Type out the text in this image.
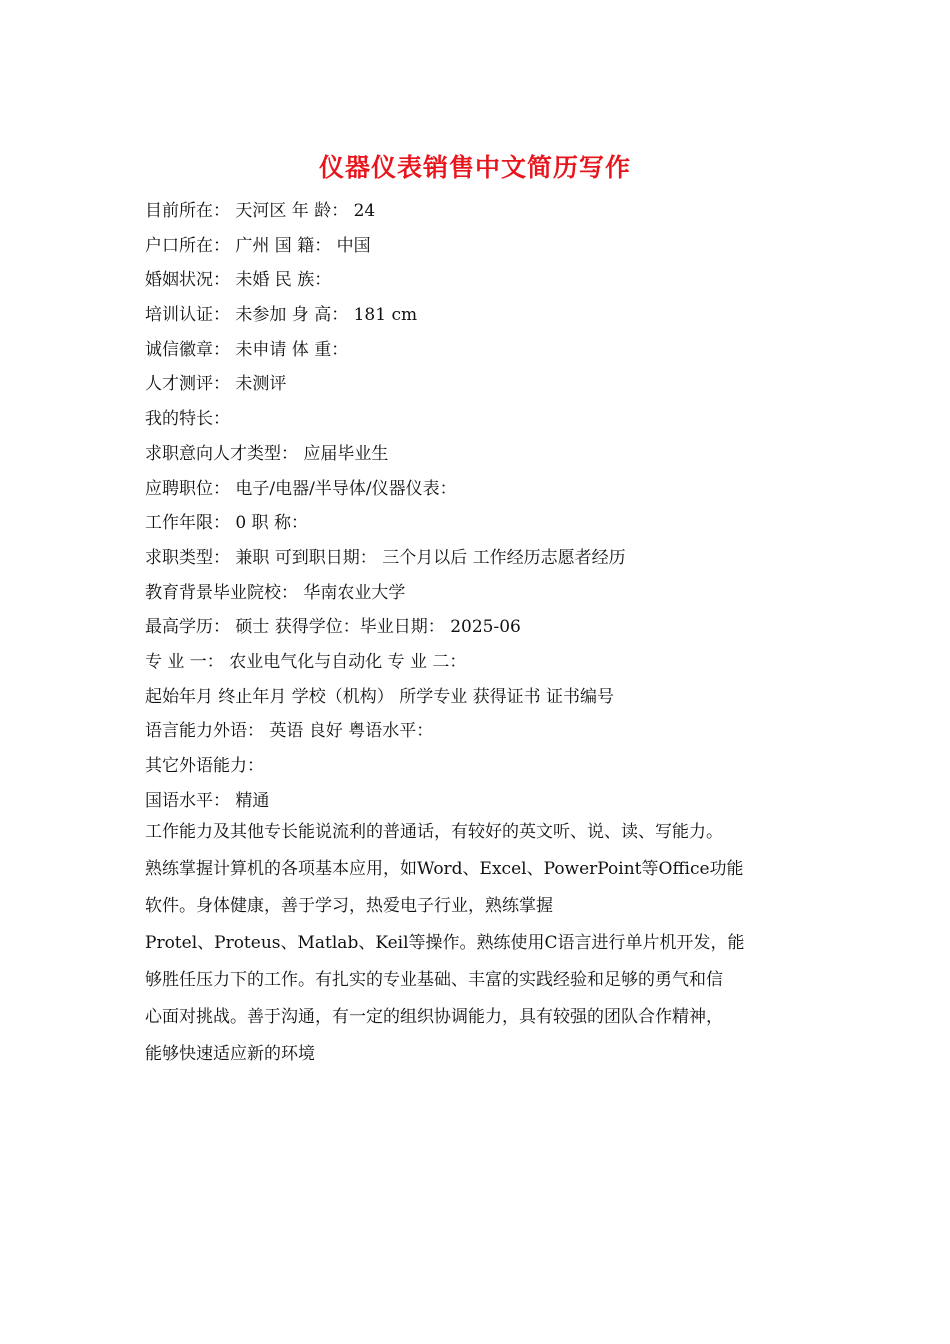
仪器仪表销售中文简历写作
目前所在： 天河区 年 龄： 24
户口所在： 广州 国 籍： 中国
婚姻状况： 未婚 民 族：
培训认证： 未参加 身 高： 181 cm
诚信徽章： 未申请 体 重：
人才测评： 未测评
我的特长：
求职意向人才类型： 应届毕业生
应聘职位： 电子/电器/半导体/仪器仪表：
工作年限： 0 职 称：
求职类型： 兼职 可到职日期： 三个月以后 工作经历志愿者经历
教育背景毕业院校： 华南农业大学
最高学历： 硕士 获得学位：毕业日期： 2025-06
专 业 一： 农业电气化与自动化 专 业 二：
起始年月 终止年月 学校（机构） 所学专业 获得证书 证书编号
语言能力外语： 英语 良好 粤语水平：
其它外语能力：
国语水平： 精通

工作能力及其他专长能说流利的普通话，有较好的英文听、说、读、写能力。

熟练掌握计算机的各项基本应用，如Word、Excel、PowerPoint等Office功能

软件。身体健康，善于学习，热爱电子行业，熟练掌握

Protel、Proteus、Matlab、Keil等操作。熟练使用C语言进行单片机开发，能

够胜任压力下的工作。有扎实的专业基础、丰富的实践经验和足够的勇气和信

心面对挑战。善于沟通，有一定的组织协调能力，具有较强的团队合作精神，

能够快速适应新的环境
